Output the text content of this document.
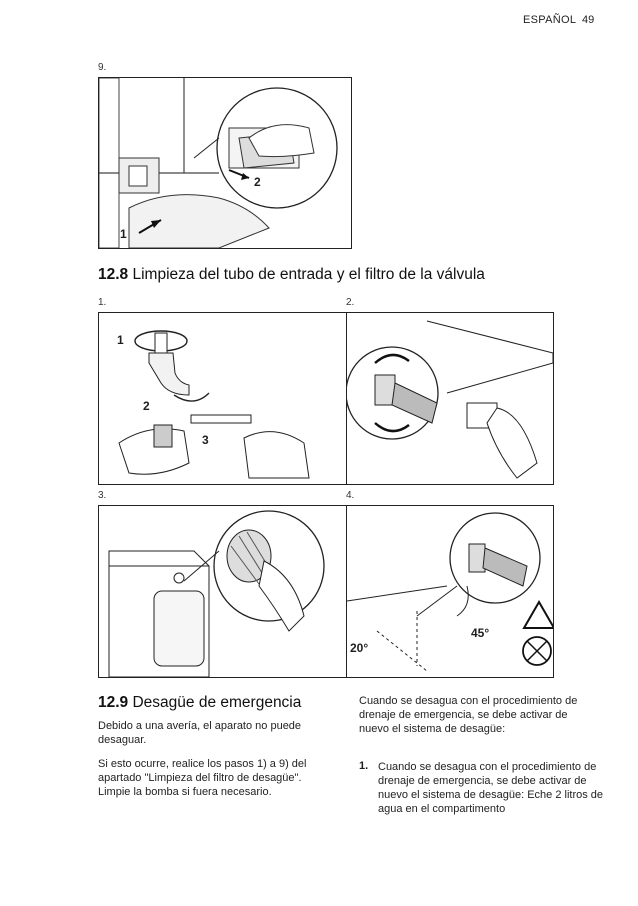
ESPAÑOL 49
9.
1
2
12.8 Limpieza del tubo de entrada y el filtro de la válvula
1.
1
2
3
2.
3.	4.
20°
45°
12.9 Desagüe de emergencia
Debido a una avería, el aparato no puede desaguar.
Si esto ocurre, realice los pasos 1) a 9) del apartado "Limpieza del filtro de desagüe". Limpie la bomba si fuera necesario.
Cuando se desagua con el procedimiento de drenaje de emergencia, se debe activar de nuevo el sistema de desagüe:
1. Cuando se desagua con el procedimiento de drenaje de emergencia, se debe activar de nuevo el sistema de desagüe: Eche 2 litros de agua en el compartimento
